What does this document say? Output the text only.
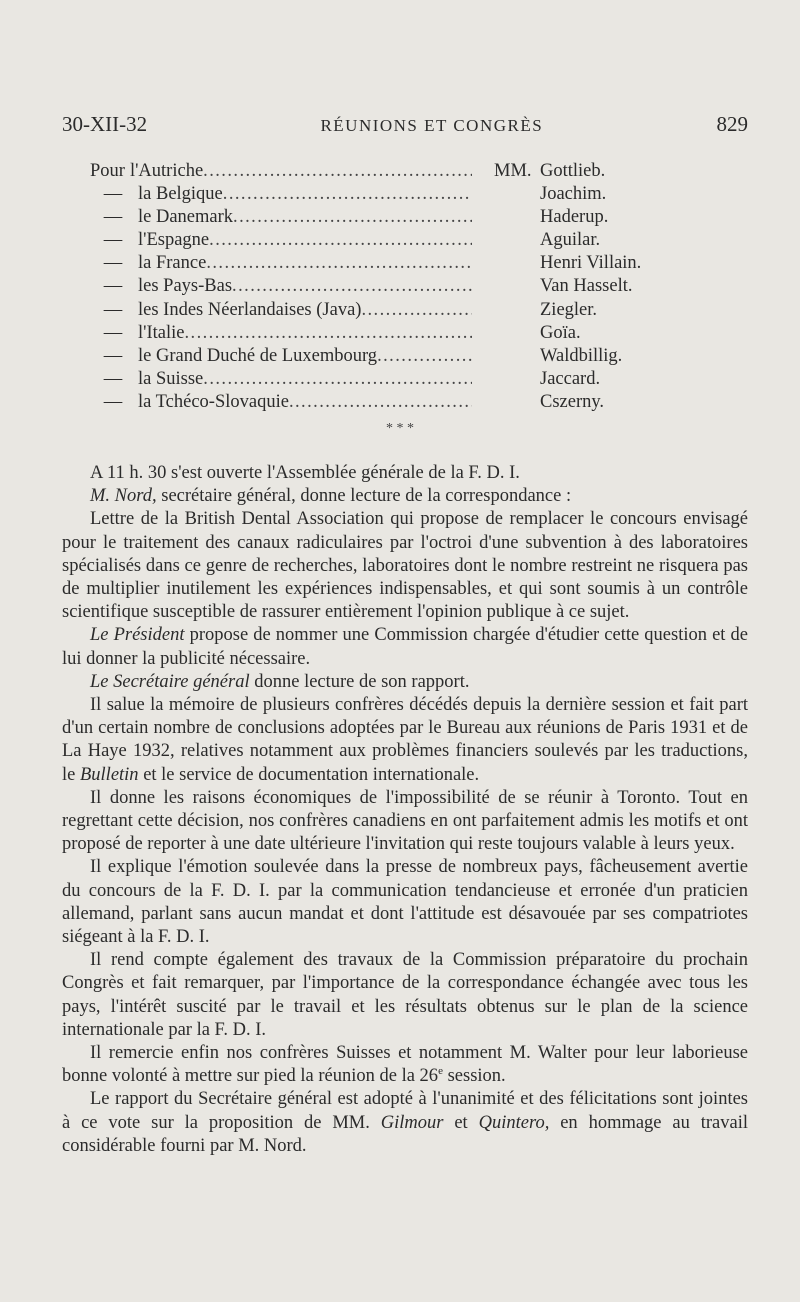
30-XII-32	RÉUNIONS ET CONGRÈS	829
Pour l'Autriche . . .	MM. Gottlieb.
— la Belgique . . .	Joachim.
— le Danemark . . .	Haderup.
— l'Espagne . . .	Aguilar.
— la France . . .	Henri Villain.
— les Pays-Bas . . .	Van Hasselt.
— les Indes Néerlandaises (Java) . . .	Ziegler.
— l'Italie . . .	Goïa.
— le Grand Duché de Luxembourg . . .	Waldbillig.
— la Suisse . . .	Jaccard.
— la Tchéco-Slovaquie . . .	Cszerny.
* * *

A 11 h. 30 s'est ouverte l'Assemblée générale de la F. D. I.

M. Nord, secrétaire général, donne lecture de la correspondance :

Lettre de la British Dental Association qui propose de remplacer le concours envisagé pour le traitement des canaux radiculaires par l'octroi d'une subvention à des laboratoires spécialisés dans ce genre de recherches, laboratoires dont le nombre restreint ne risquera pas de multiplier inutilement les expériences indispensables, et qui sont soumis à un contrôle scientifique susceptible de rassurer entièrement l'opinion publique à ce sujet.

Le Président propose de nommer une Commission chargée d'étudier cette question et de lui donner la publicité nécessaire.

Le Secrétaire général donne lecture de son rapport.

Il salue la mémoire de plusieurs confrères décédés depuis la dernière session et fait part d'un certain nombre de conclusions adoptées par le Bureau aux réunions de Paris 1931 et de La Haye 1932, relatives notamment aux problèmes financiers soulevés par les traductions, le Bulletin et le service de documentation internationale.

Il donne les raisons économiques de l'impossibilité de se réunir à Toronto. Tout en regrettant cette décision, nos confrères canadiens en ont parfaitement admis les motifs et ont proposé de reporter à une date ultérieure l'invitation qui reste toujours valable à leurs yeux.

Il explique l'émotion soulevée dans la presse de nombreux pays, fâcheusement avertie du concours de la F. D. I. par la communication tendancieuse et erronée d'un praticien allemand, parlant sans aucun mandat et dont l'attitude est désavouée par ses compatriotes siégeant à la F. D. I.

Il rend compte également des travaux de la Commission préparatoire du prochain Congrès et fait remarquer, par l'importance de la correspondance échangée avec tous les pays, l'intérêt suscité par le travail et les résultats obtenus sur le plan de la science internationale par la F. D. I.

Il remercie enfin nos confrères Suisses et notamment M. Walter pour leur laborieuse bonne volonté à mettre sur pied la réunion de la 26e session.

Le rapport du Secrétaire général est adopté à l'unanimité et des félicitations sont jointes à ce vote sur la proposition de MM. Gilmour et Quintero, en hommage au travail considérable fourni par M. Nord.
